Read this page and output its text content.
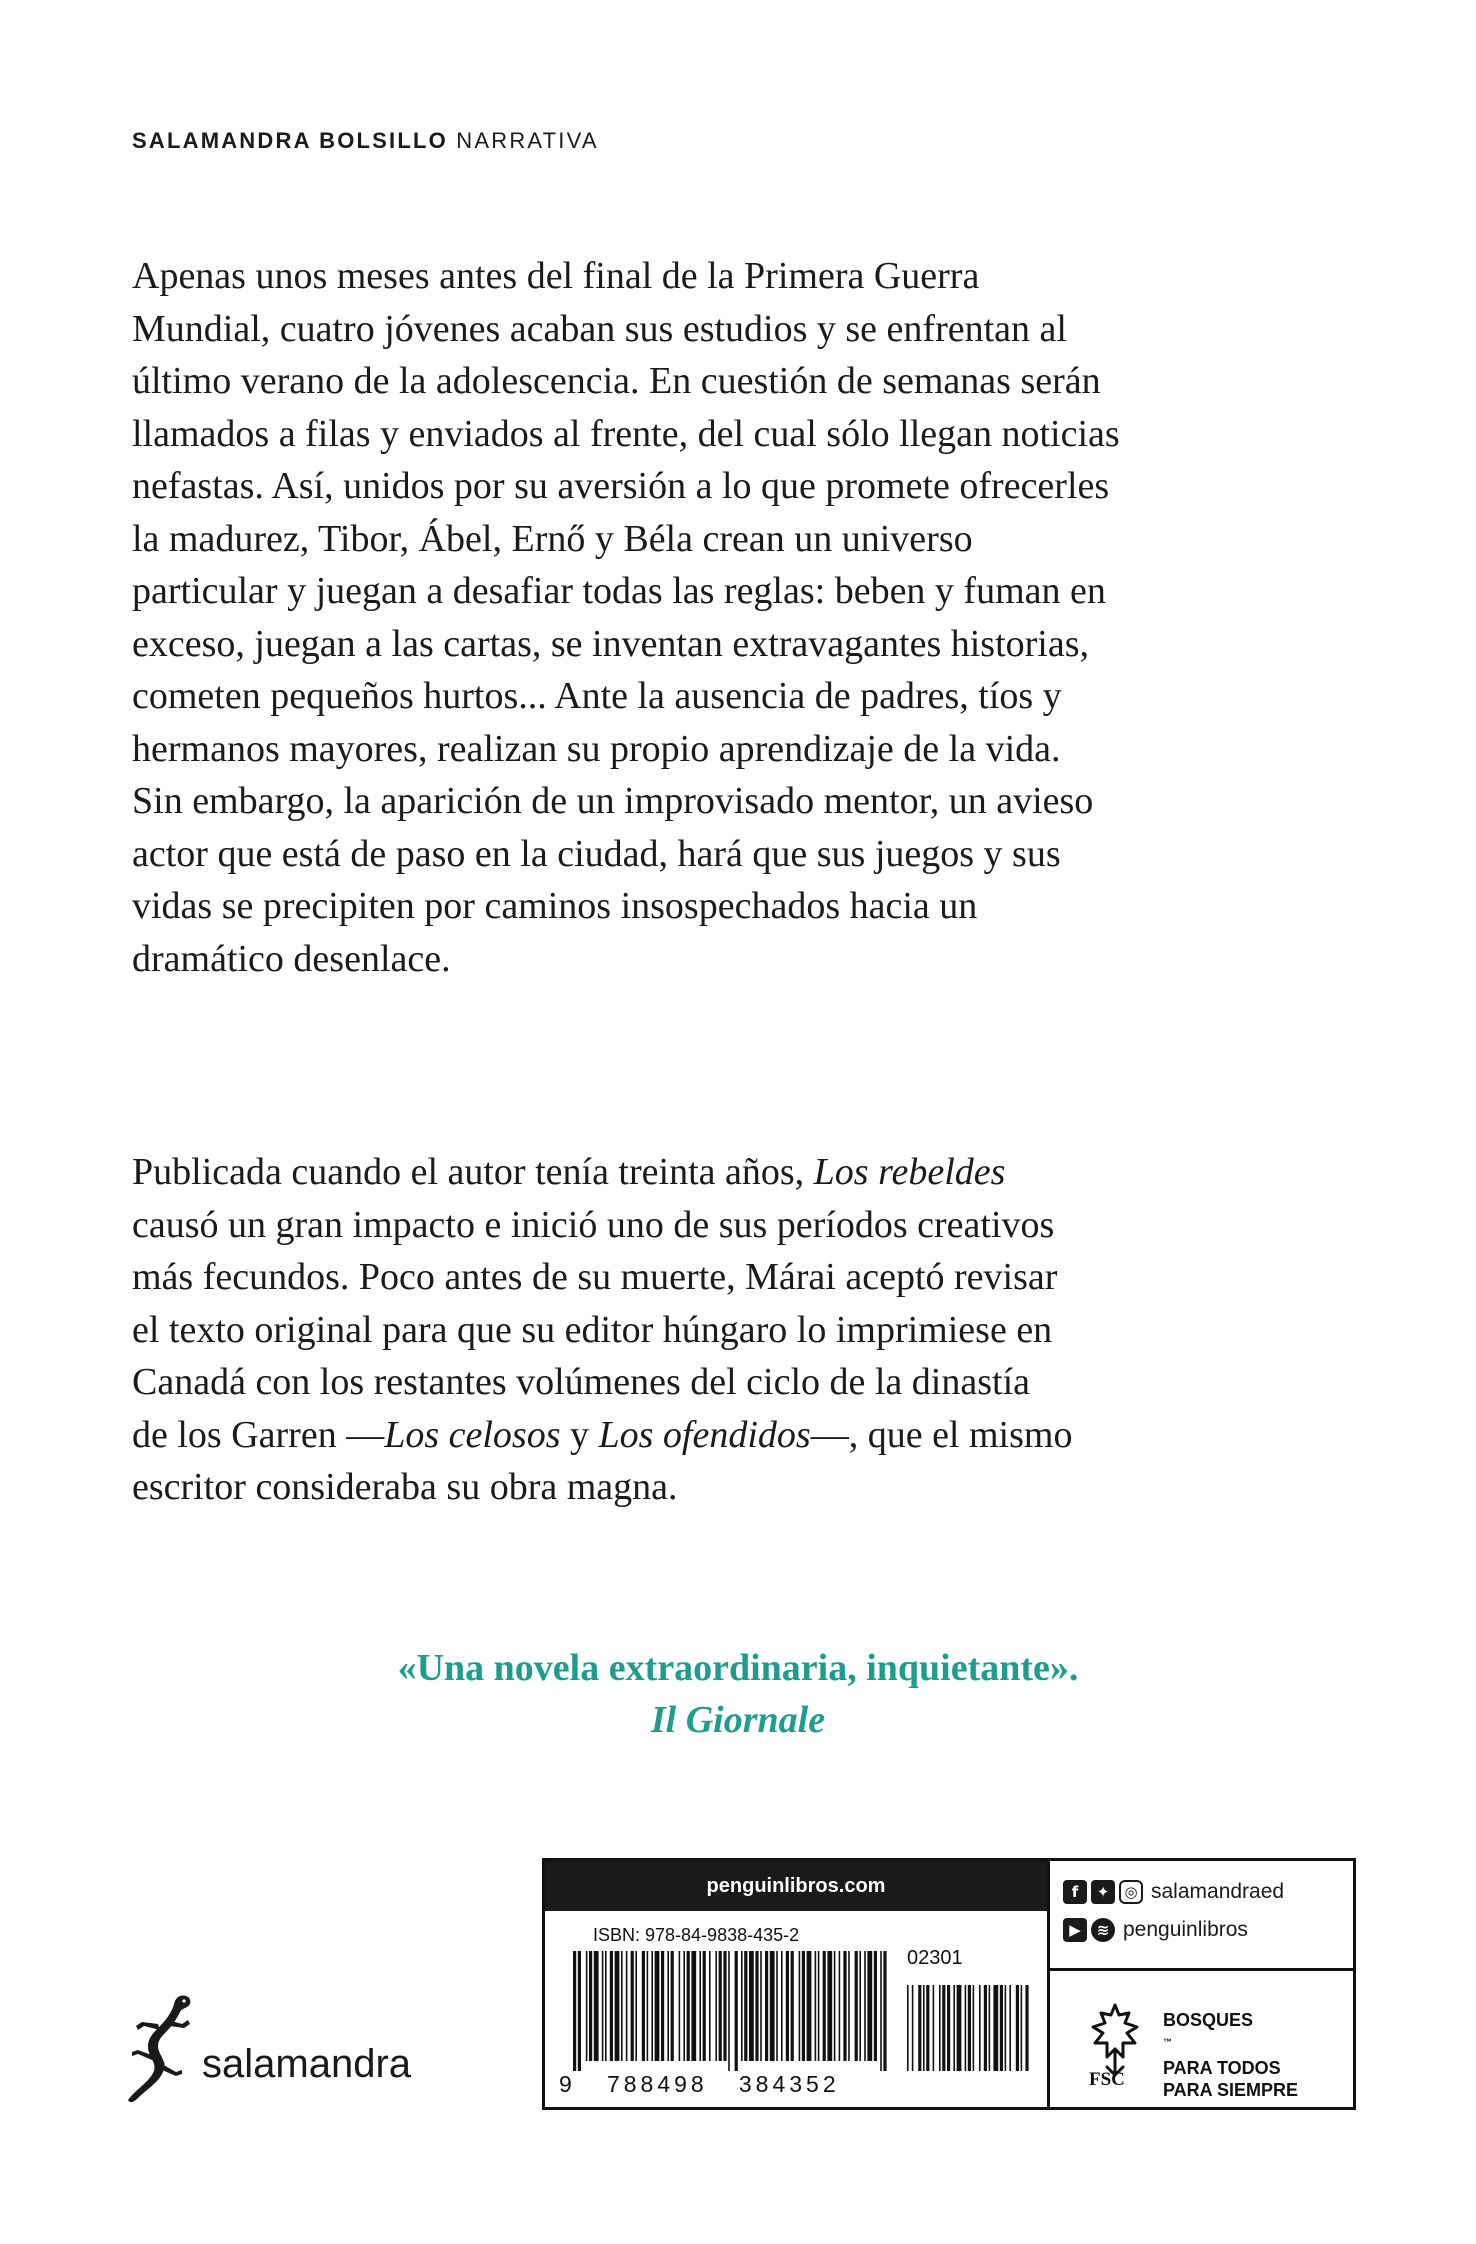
SALAMANDRA BOLSILLO NARRATIVA
Apenas unos meses antes del final de la Primera Guerra
Mundial, cuatro jóvenes acaban sus estudios y se enfrentan al
último verano de la adolescencia. En cuestión de semanas serán
llamados a filas y enviados al frente, del cual sólo llegan noticias
nefastas. Así, unidos por su aversión a lo que promete ofrecerles
la madurez, Tibor, Ábel, Ernő y Béla crean un universo
particular y juegan a desafiar todas las reglas: beben y fuman en
exceso, juegan a las cartas, se inventan extravagantes historias,
cometen pequeños hurtos... Ante la ausencia de padres, tíos y
hermanos mayores, realizan su propio aprendizaje de la vida.
Sin embargo, la aparición de un improvisado mentor, un avieso
actor que está de paso en la ciudad, hará que sus juegos y sus
vidas se precipiten por caminos insospechados hacia un
dramático desenlace.
Publicada cuando el autor tenía treinta años, Los rebeldes
causó un gran impacto e inició uno de sus períodos creativos
más fecundos. Poco antes de su muerte, Márai aceptó revisar
el texto original para que su editor húngaro lo imprimiese en
Canadá con los restantes volúmenes del ciclo de la dinastía
de los Garren —Los celosos y Los ofendidos—, que el mismo
escritor consideraba su obra magna.
«Una novela extraordinaria, inquietante».
Il Giornale
salamandra
penguinlibros.com
ISBN: 978-84-9838-435-2
02301
9   788498   384352
f	✦	◎ salamandraed
▶	≋ penguinlibros
FSC
BOSQUES
™
PARA TODOS
PARA SIEMPRE
